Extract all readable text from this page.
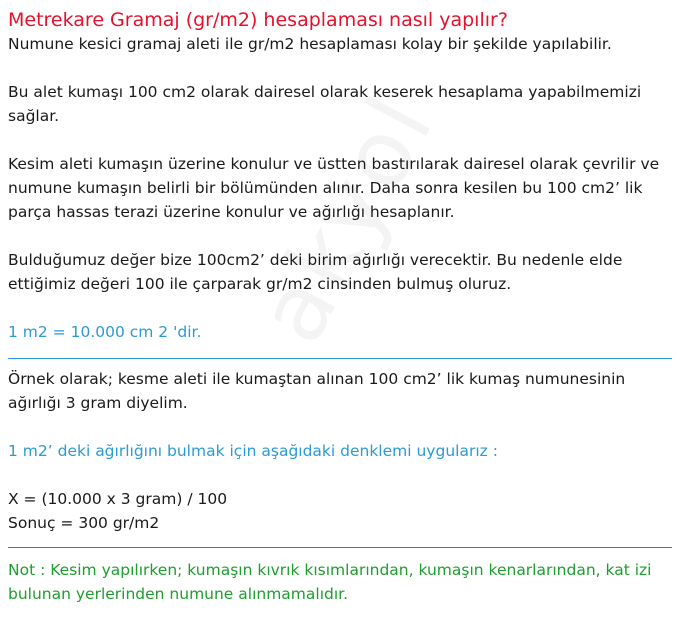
Metrekare Gramaj (gr/m2) hesaplaması nasıl yapılır?

Numune kesici gramaj aleti ile gr/m2 hesaplaması kolay bir şekilde yapılabilir.

Bu alet kumaşı 100 cm2 olarak dairesel olarak keserek hesaplama yapabilmemizi

sağlar.

Kesim aleti kumaşın üzerine konulur ve üstten bastırılarak dairesel olarak çevrilir ve

numune kumaşın belirli bir bölümünden alınır. Daha sonra kesilen bu 100 cm2’ lik

parça hassas terazi üzerine konulur ve ağırlığı hesaplanır.

Bulduğumuz değer bize 100cm2’ deki birim ağırlığı verecektir. Bu nedenle elde

ettiğimiz değeri 100 ile çarparak gr/m2 cinsinden bulmuş oluruz.

1 m2 = 10.000 cm 2 'dir.

Örnek olarak; kesme aleti ile kumaştan alınan 100 cm2’ lik kumaş numunesinin

ağırlığı 3 gram diyelim.

1 m2’ deki ağırlığını bulmak için aşağıdaki denklemi uygularız :

X = (10.000 x 3 gram) / 100

Sonuç = 300 gr/m2

Not : Kesim yapılırken; kumaşın kıvrık kısımlarından, kumaşın kenarlarından, kat izi

bulunan yerlerinden numune alınmamalıdır.
